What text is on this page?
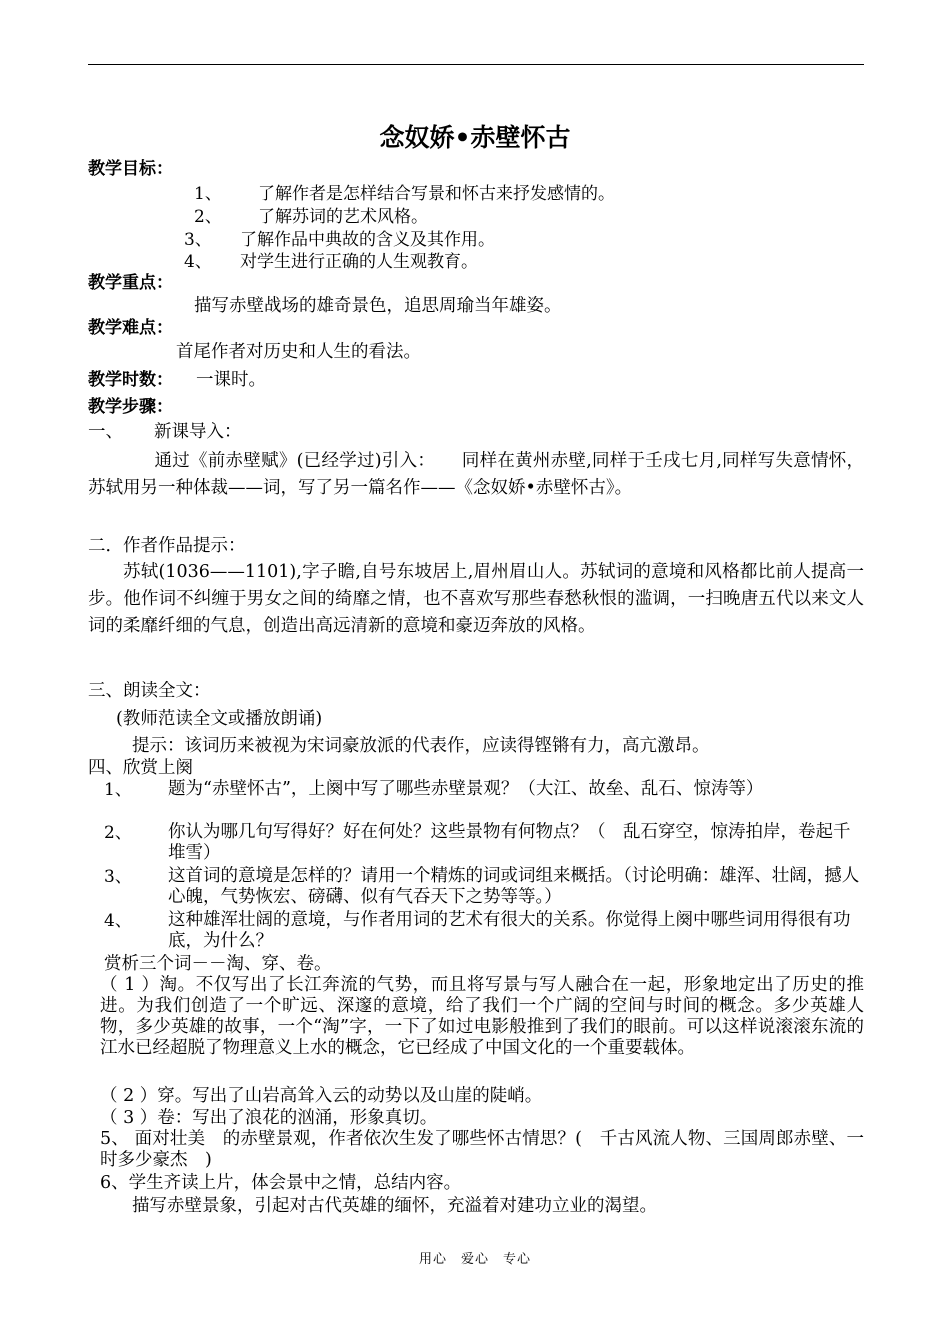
念奴娇•赤壁怀古
教学目标：
1、 了解作者是怎样结合写景和怀古来抒发感情的。
2、 了解苏词的艺术风格。
3、 了解作品中典故的含义及其作用。
4、 对学生进行正确的人生观教育。
教学重点：
描写赤壁战场的雄奇景色，追思周瑜当年雄姿。
教学难点：
首尾作者对历史和人生的看法。
教学时数： 一课时。
教学步骤：
一、 新课导入：
通过《前赤壁赋》(已经学过)引入：　　同样在黄州赤壁,同样于壬戌七月,同样写失意情怀，苏轼用另一种体裁——词，写了另一篇名作——《念奴娇•赤壁怀古》。
二．作者作品提示：
苏轼(1036——1101),字子瞻,自号东坡居上,眉州眉山人。苏轼词的意境和风格都比前人提高一步。他作词不纠缠于男女之间的绮靡之情，也不喜欢写那些春愁秋恨的滥调，一扫晚唐五代以来文人词的柔靡纤细的气息，创造出高远清新的意境和豪迈奔放的风格。
三、朗读全文：
(教师范读全文或播放朗诵)
提示：该词历来被视为宋词豪放派的代表作，应读得铿锵有力，高亢激昂。
四、欣赏上阕
1、 题为“赤壁怀古”，上阕中写了哪些赤壁景观？（大江、故垒、乱石、惊涛等）
2、 你认为哪几句写得好？好在何处？这些景物有何物点？（　乱石穿空，惊涛拍岸，卷起千堆雪）
3、 这首词的意境是怎样的？请用一个精炼的词或词组来概括。（讨论明确：雄浑、壮阔，撼人心魄，气势恢宏、磅礴、似有气吞天下之势等等。）
4、 这种雄浑壮阔的意境，与作者用词的艺术有很大的关系。你觉得上阕中哪些词用得很有功底，为什么？
赏析三个词－－淘、穿、卷。
（ 1 ）淘。不仅写出了长江奔流的气势，而且将写景与写人融合在一起，形象地定出了历史的推进。为我们创造了一个旷远、深邃的意境，给了我们一个广阔的空间与时间的概念。多少英雄人物，多少英雄的故事，一个“淘”字，一下了如过电影般推到了我们的眼前。可以这样说滚滚东流的江水已经超脱了物理意义上水的概念，它已经成了中国文化的一个重要载体。
（ 2 ）穿。写出了山岩高耸入云的动势以及山崖的陡峭。
（ 3 ）卷：写出了浪花的汹涌，形象真切。
5、 面对壮美　的赤壁景观，作者依次生发了哪些怀古情思？(　千古风流人物、三国周郎赤壁、一时多少豪杰　)
6、学生齐读上片，体会景中之情，总结内容。
描写赤壁景象，引起对古代英雄的缅怀，充溢着对建功立业的渴望。
用心　爱心　专心
